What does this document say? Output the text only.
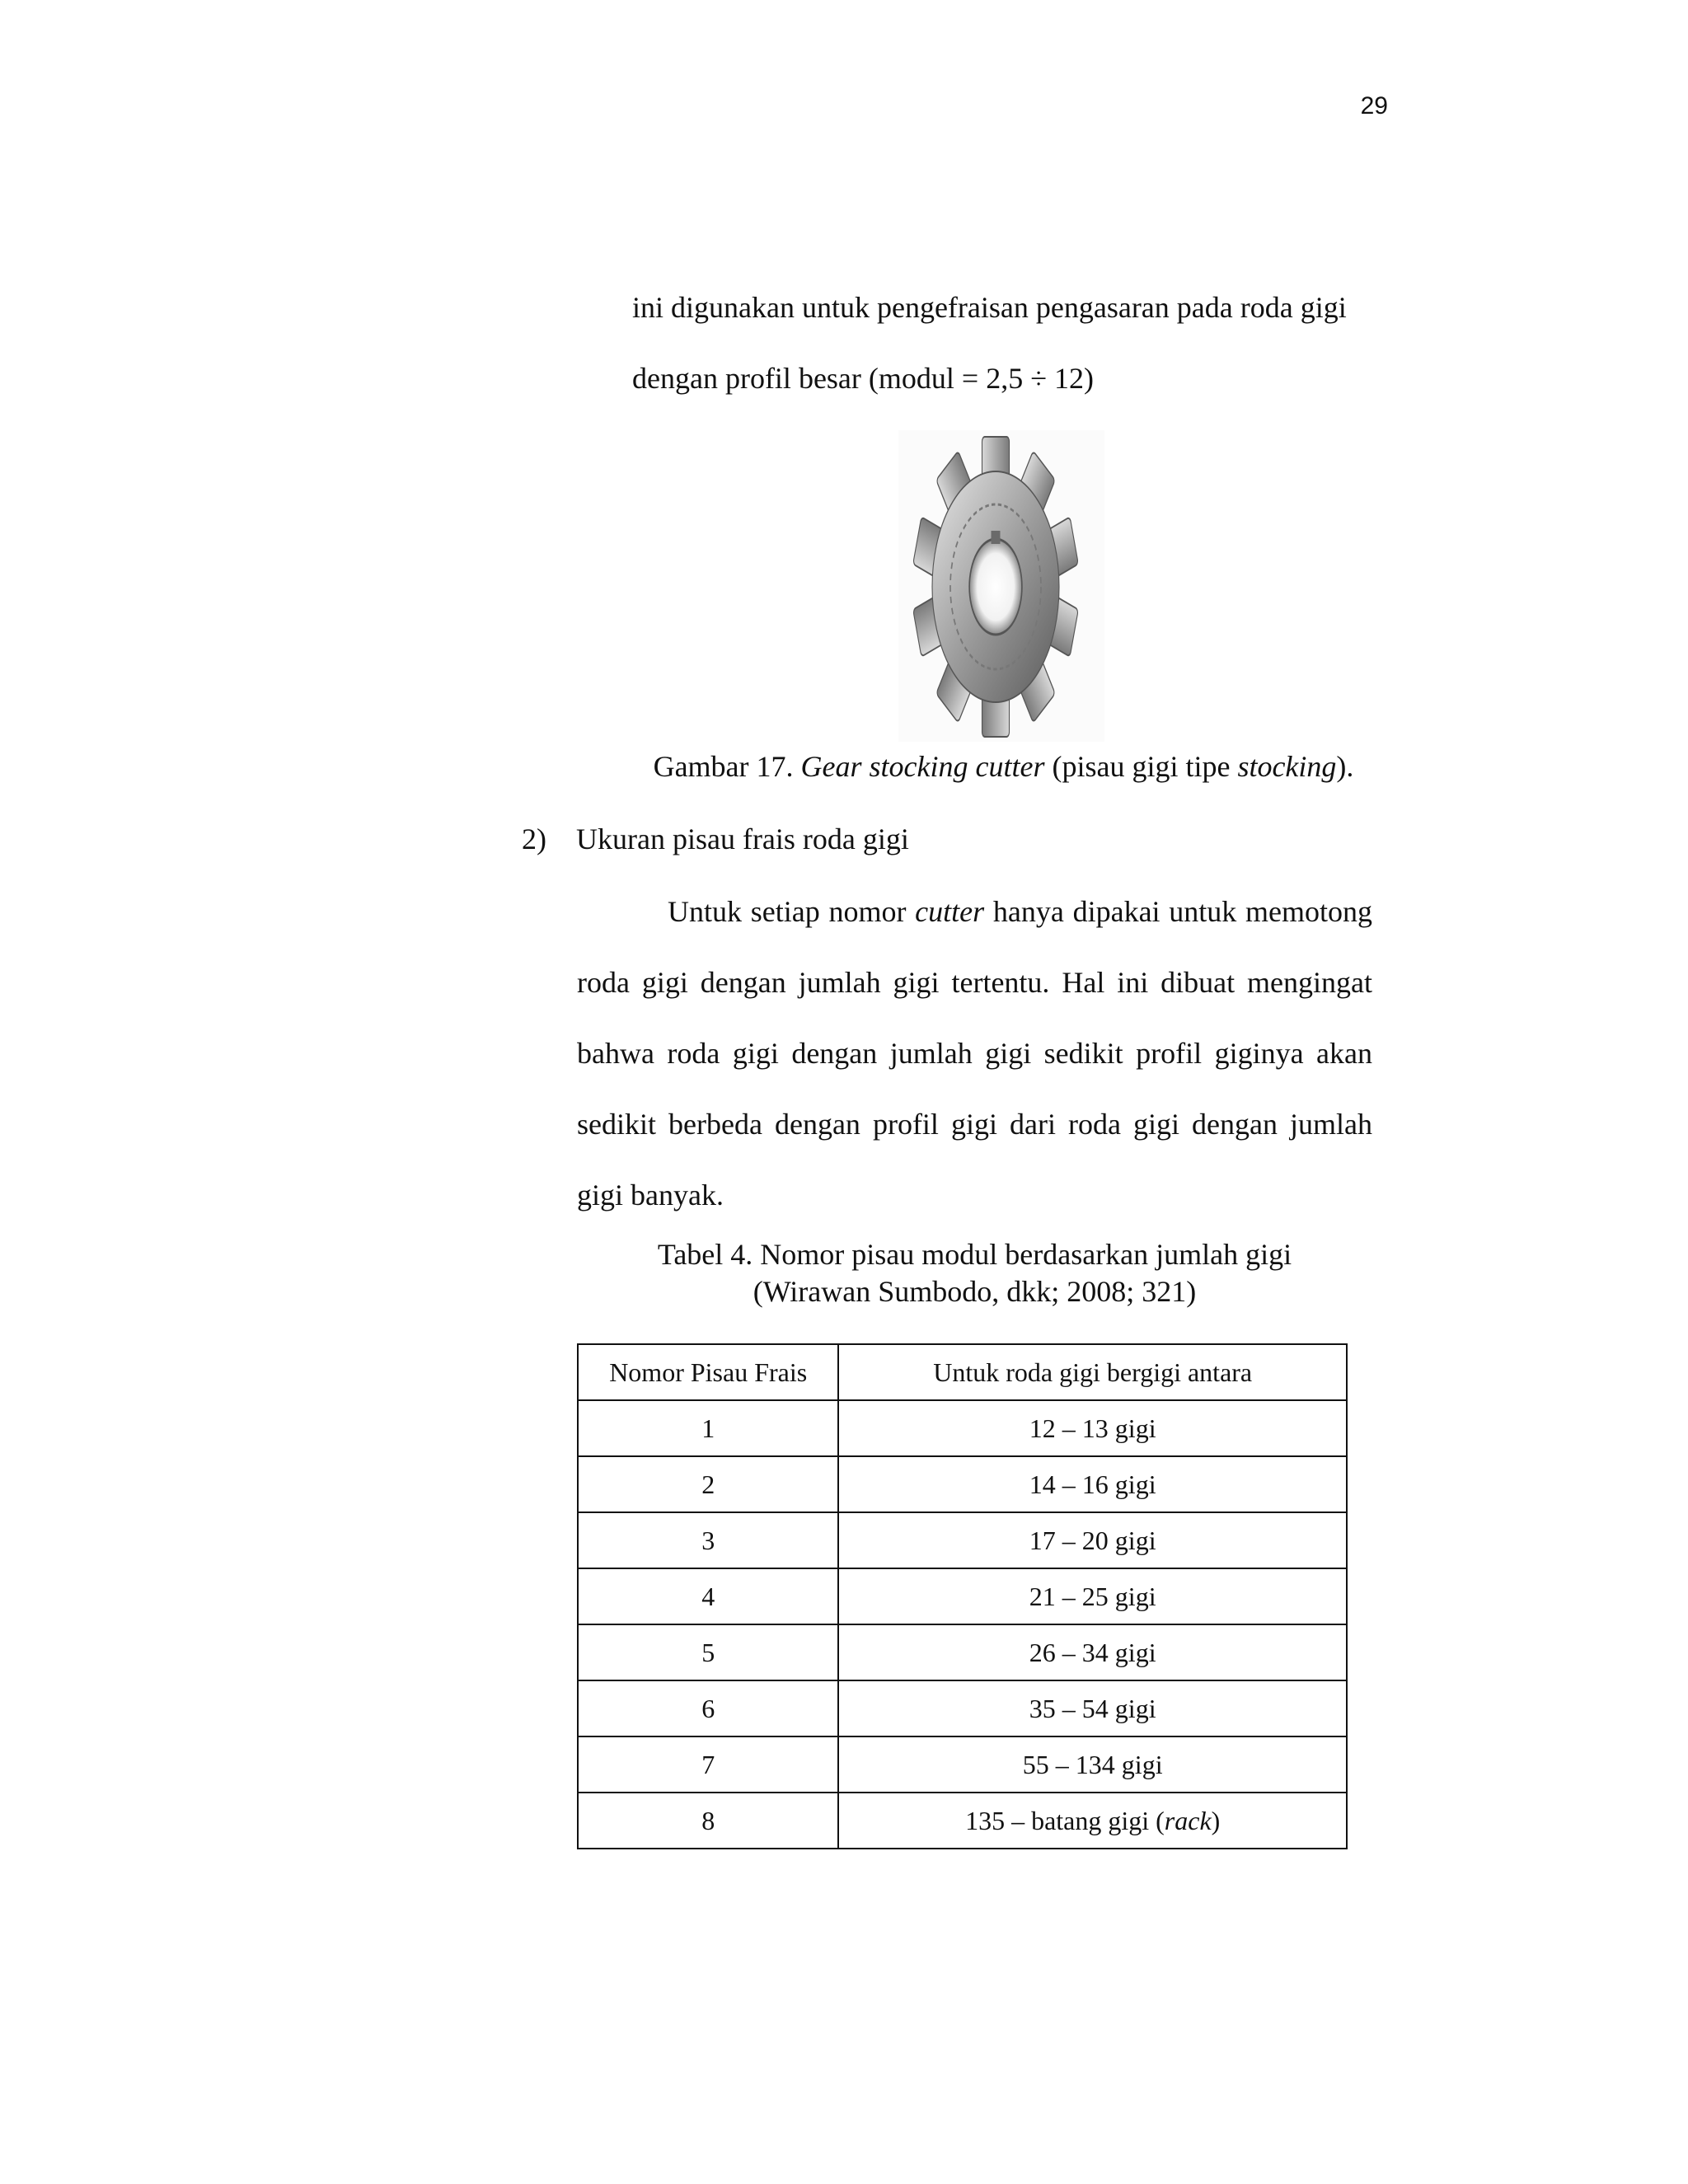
29
ini digunakan untuk pengefraisan pengasaran pada roda gigi
dengan profil besar (modul = 2,5 ÷ 12)
Gambar 17. Gear stocking cutter (pisau gigi tipe stocking).
2) Ukuran pisau frais roda gigi
Untuk setiap nomor cutter hanya dipakai untuk memotong roda gigi dengan jumlah gigi tertentu. Hal ini dibuat mengingat bahwa roda gigi dengan jumlah gigi sedikit profil giginya akan sedikit berbeda dengan profil gigi dari roda gigi dengan jumlah gigi banyak.
Tabel 4. Nomor pisau modul berdasarkan jumlah gigi
(Wirawan Sumbodo, dkk; 2008; 321)
Nomor Pisau Frais	Untuk roda gigi bergigi antara
1	12 – 13 gigi
2	14 – 16 gigi
3	17 – 20 gigi
4	21 – 25 gigi
5	26 – 34 gigi
6	35 – 54 gigi
7	55 – 134 gigi
8	135 – batang gigi (rack)
